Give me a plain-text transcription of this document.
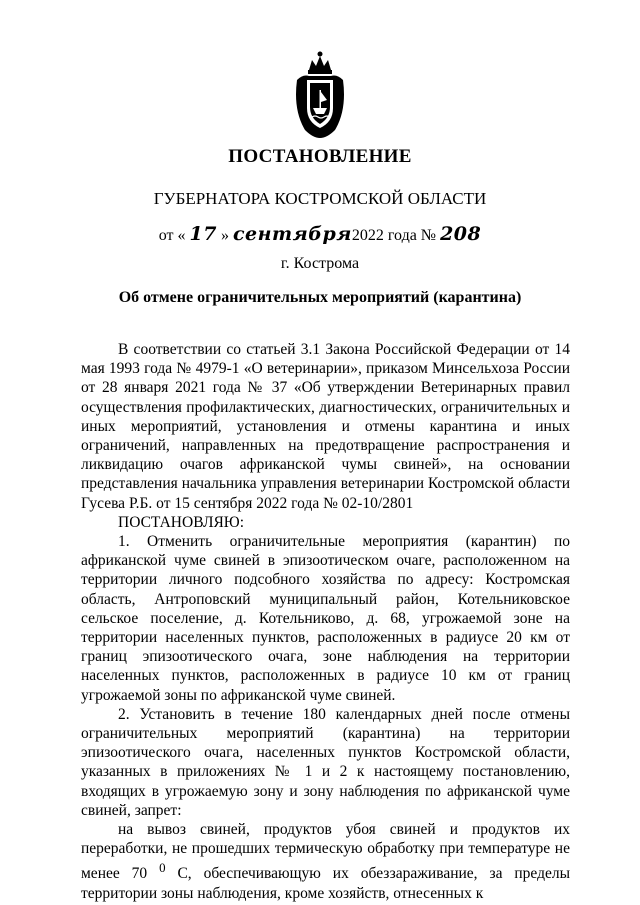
ПОСТАНОВЛЕНИЕ
ГУБЕРНАТОРА КОСТРОМСКОЙ ОБЛАСТИ
от « 17 » сентября2022 года № 208
г. Кострома
Об отмене ограничительных мероприятий (карантина)

В соответствии со статьей 3.1 Закона Российской Федерации от 14 мая 1993 года № 4979-1 «О ветеринарии», приказом Минсельхоза России от 28 января 2021 года № 37 «Об утверждении Ветеринарных правил осуществления профилактических, диагностических, ограничительных и иных мероприятий, установления и отмены карантина и иных ограничений, направленных на предотвращение распространения и ликвидацию очагов африканской чумы свиней», на основании представления начальника управления ветеринарии Костромской области Гусева Р.Б. от 15 сентября 2022 года № 02-10/2801

ПОСТАНОВЛЯЮ:

1. Отменить ограничительные мероприятия (карантин) по африканской чуме свиней в эпизоотическом очаге, расположенном на территории личного подсобного хозяйства по адресу: Костромская область, Антроповский муниципальный район, Котельниковское сельское поселение, д. Котельниково, д. 68, угрожаемой зоне на территории населенных пунктов, расположенных в радиусе 20 км от границ эпизоотического очага, зоне наблюдения на территории населенных пунктов, расположенных в радиусе 10 км от границ угрожаемой зоны по африканской чуме свиней.

2. Установить в течение 180 календарных дней после отмены ограничительных мероприятий (карантина) на территории эпизоотического очага, населенных пунктов Костромской области, указанных в приложениях № 1 и 2 к настоящему постановлению, входящих в угрожаемую зону и зону наблюдения по африканской чуме свиней, запрет:

на вывоз свиней, продуктов убоя свиней и продуктов их переработки, не прошедших термическую обработку при температуре не менее 70 $^0$ С, обеспечивающую их обеззараживание, за пределы территории зоны наблюдения, кроме хозяйств, отнесенных к
